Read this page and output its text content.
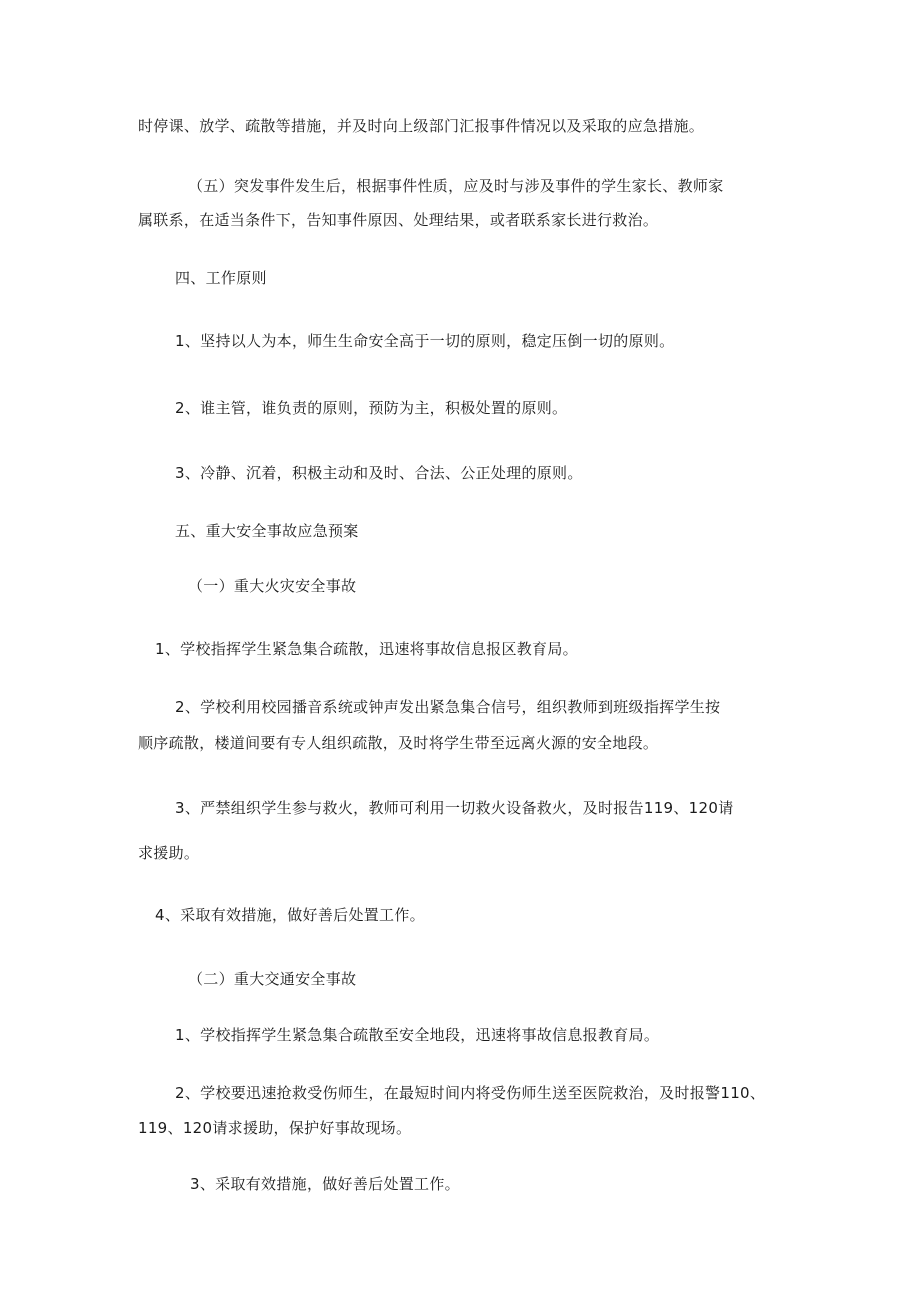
时停课、放学、疏散等措施，并及时向上级部门汇报事件情况以及采取的应急措施。
（五）突发事件发生后，根据事件性质，应及时与涉及事件的学生家长、教师家
属联系，在适当条件下，告知事件原因、处理结果，或者联系家长进行救治。
四、工作原则
1、坚持以人为本，师生生命安全高于一切的原则，稳定压倒一切的原则。
2、谁主管，谁负责的原则，预防为主，积极处置的原则。
3、冷静、沉着，积极主动和及时、合法、公正处理的原则。
五、重大安全事故应急预案
（一）重大火灾安全事故
1、学校指挥学生紧急集合疏散，迅速将事故信息报区教育局。
2、学校利用校园播音系统或钟声发出紧急集合信号，组织教师到班级指挥学生按
顺序疏散，楼道间要有专人组织疏散，及时将学生带至远离火源的安全地段。
3、严禁组织学生参与救火，教师可利用一切救火设备救火，及时报告119、120请
求援助。
4、采取有效措施，做好善后处置工作。
（二）重大交通安全事故
1、学校指挥学生紧急集合疏散至安全地段，迅速将事故信息报教育局。
2、学校要迅速抢救受伤师生，在最短时间内将受伤师生送至医院救治，及时报警110、
119、120请求援助，保护好事故现场。
3、采取有效措施，做好善后处置工作。
